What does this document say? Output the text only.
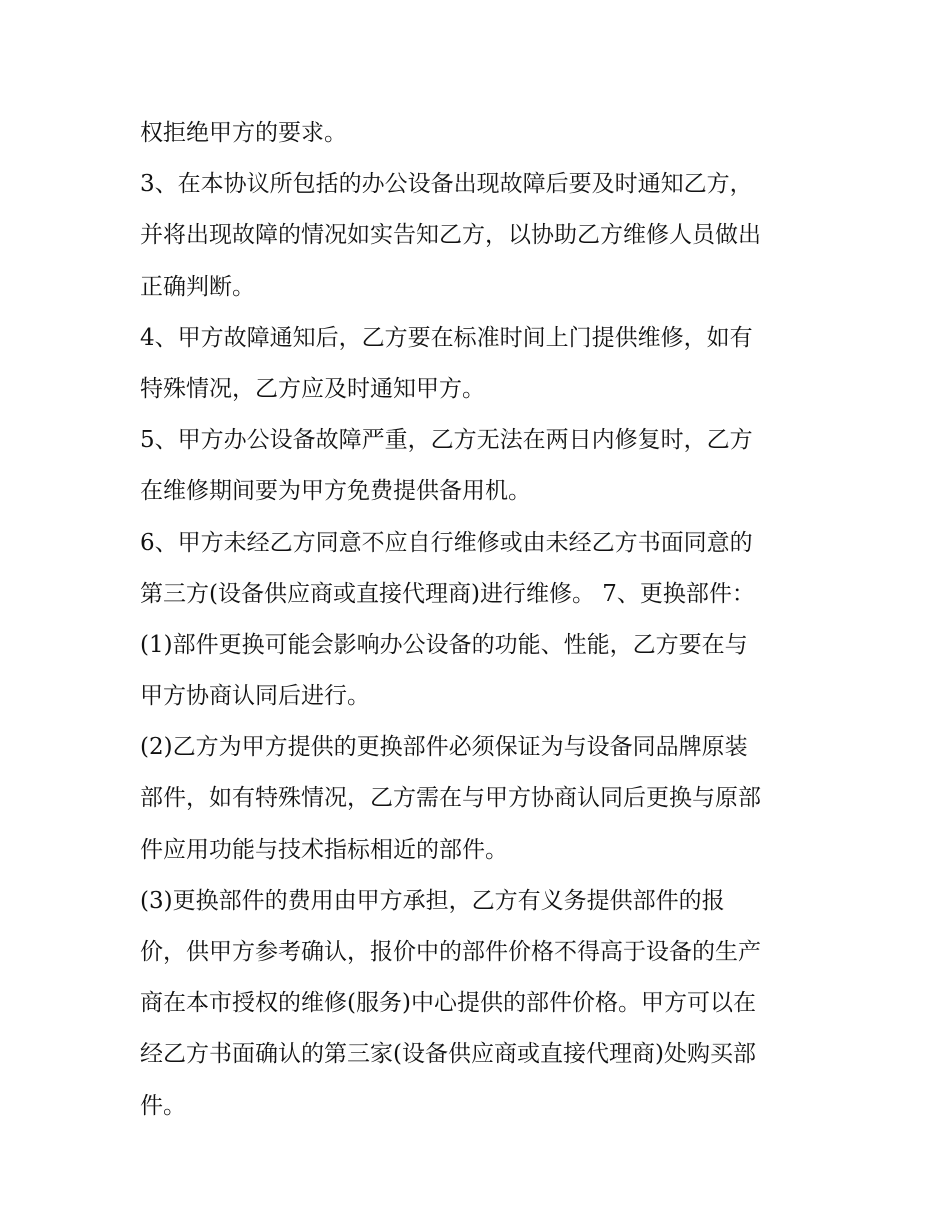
权拒绝甲方的要求。
3、在本协议所包括的办公设备出现故障后要及时通知乙方，
并将出现故障的情况如实告知乙方，以协助乙方维修人员做出
正确判断。
4、甲方故障通知后，乙方要在标准时间上门提供维修，如有
特殊情况，乙方应及时通知甲方。
5、甲方办公设备故障严重，乙方无法在两日内修复时，乙方
在维修期间要为甲方免费提供备用机。
6、甲方未经乙方同意不应自行维修或由未经乙方书面同意的
第三方(设备供应商或直接代理商)进行维修。 7、更换部件：
(1)部件更换可能会影响办公设备的功能、性能，乙方要在与
甲方协商认同后进行。
(2)乙方为甲方提供的更换部件必须保证为与设备同品牌原装
部件，如有特殊情况，乙方需在与甲方协商认同后更换与原部
件应用功能与技术指标相近的部件。
(3)更换部件的费用由甲方承担，乙方有义务提供部件的报
价，供甲方参考确认，报价中的部件价格不得高于设备的生产
商在本市授权的维修(服务)中心提供的部件价格。甲方可以在
经乙方书面确认的第三家(设备供应商或直接代理商)处购买部
件。
